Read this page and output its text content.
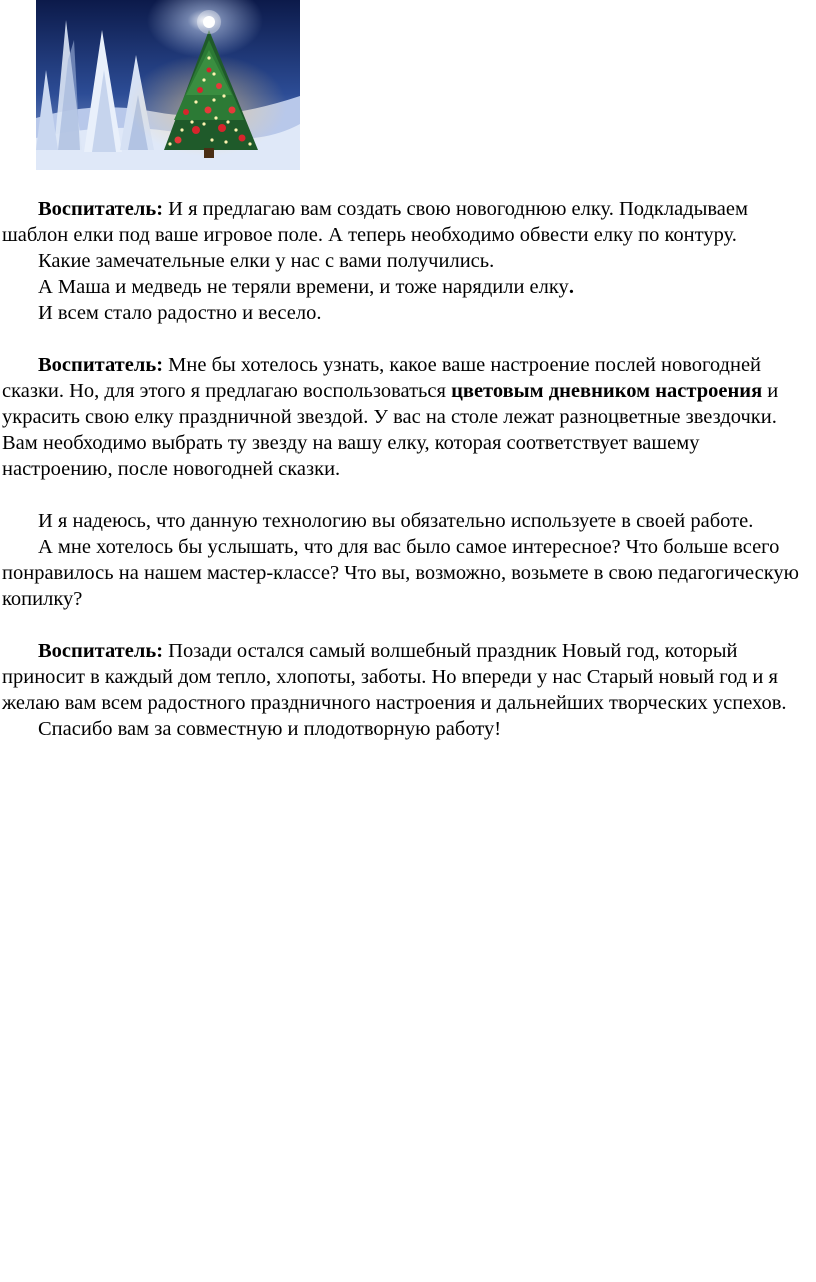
Воспитатель: И я предлагаю вам создать свою новогоднюю елку. Подкладываем шаблон елки под ваше игровое поле. А теперь необходимо обвести елку по контуру.

Какие замечательные елки у нас с вами получились.

А Маша и медведь не теряли времени, и тоже нарядили елку.

И всем стало радостно и весело.

Воспитатель: Мне бы хотелось узнать, какое ваше настроение послей новогодней сказки. Но, для этого я предлагаю воспользоваться цветовым дневником настроения и украсить свою елку праздничной звездой. У вас на столе лежат разноцветные звездочки. Вам необходимо выбрать ту звезду на вашу елку, которая соответствует вашему настроению, после новогодней сказки.

И я надеюсь, что данную технологию вы обязательно используете в своей работе.

А мне хотелось бы услышать, что для вас было самое интересное? Что больше всего понравилось на нашем мастер-классе? Что вы, возможно, возьмете в свою педагогическую копилку?

Воспитатель: Позади остался самый волшебный праздник Новый год, который приносит в каждый дом тепло, хлопоты, заботы. Но впереди у нас Старый новый год и я желаю вам всем радостного праздничного настроения и дальнейших творческих успехов.

Спасибо вам за совместную и плодотворную работу!
